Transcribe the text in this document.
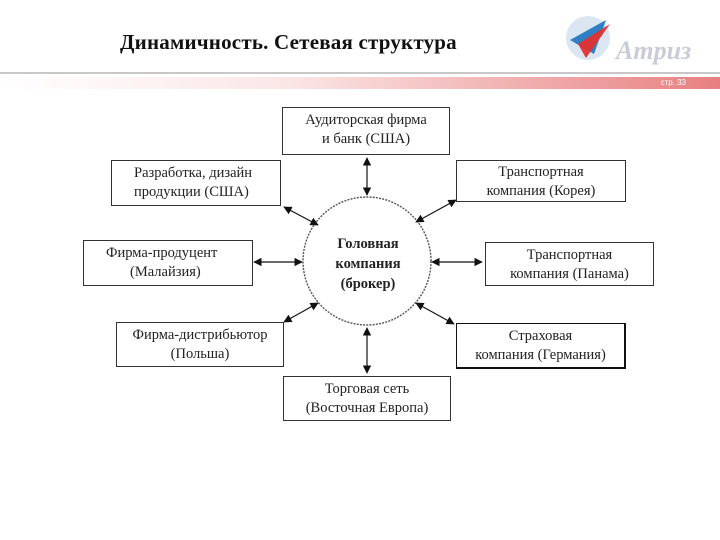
Динамичность. Сетевая структура	Атриз
стр. 33
Аудиторская фирма
и банк (США)
Разработка, дизайн
продукции (США)
Транспортная
компания (Корея)
Фирма-продуцент
(Малайзия)
Транспортная
компания (Панама)
Фирма-дистрибьютор
(Польша)
Страховая
компания (Германия)
Торговая сеть
(Восточная Европа)
Головная
компания
(брокер)
